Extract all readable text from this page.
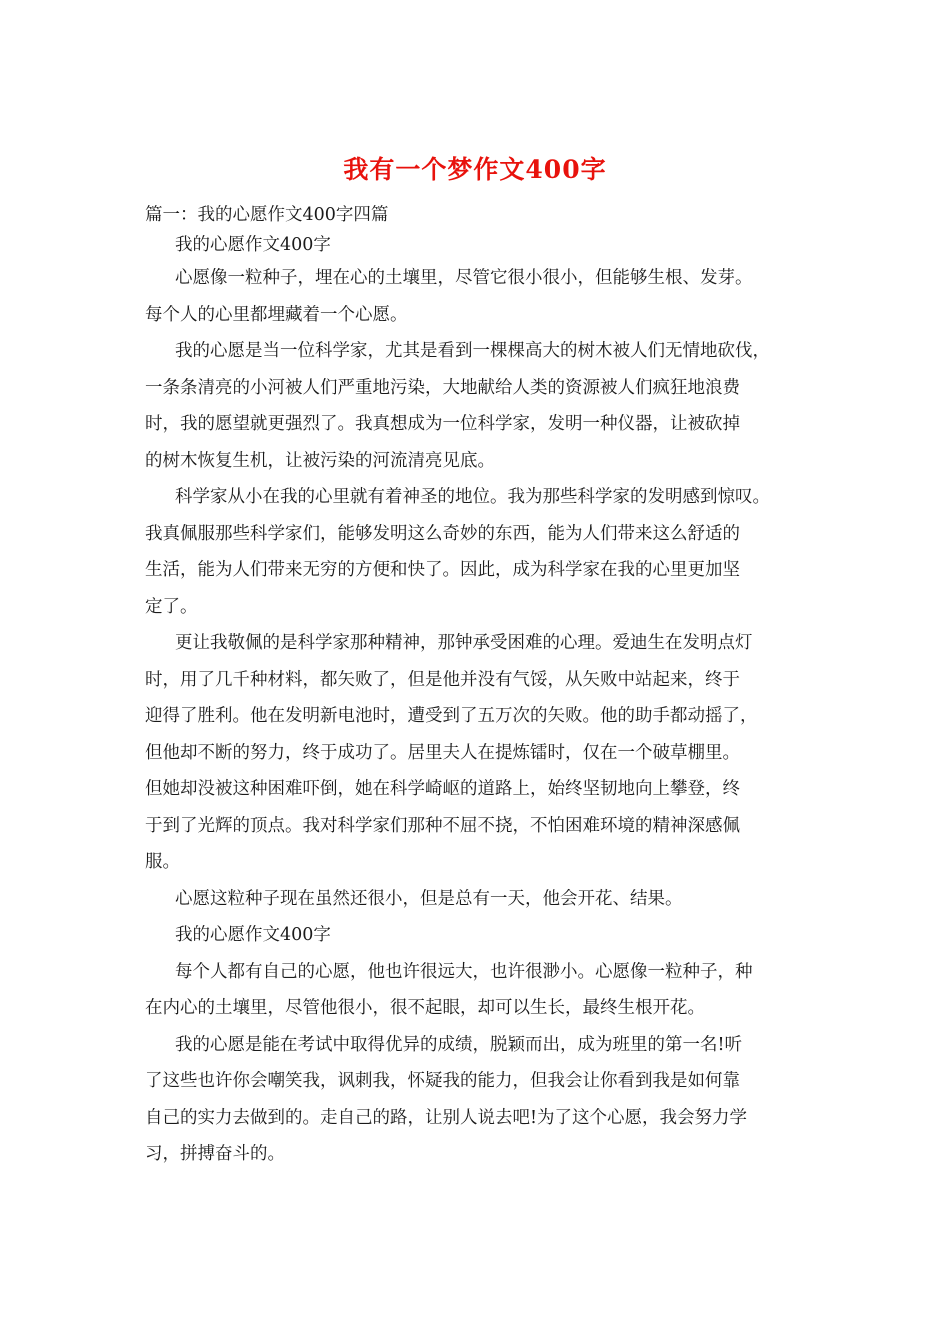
我有一个梦作文400字
篇一：我的心愿作文400字四篇
我的心愿作文400字
心愿像一粒种子，埋在心的土壤里，尽管它很小很小，但能够生根、发芽。
每个人的心里都埋藏着一个心愿。
我的心愿是当一位科学家，尤其是看到一棵棵高大的树木被人们无情地砍伐，
一条条清亮的小河被人们严重地污染，大地献给人类的资源被人们疯狂地浪费
时，我的愿望就更强烈了。我真想成为一位科学家，发明一种仪器，让被砍掉
的树木恢复生机，让被污染的河流清亮见底。
科学家从小在我的心里就有着神圣的地位。我为那些科学家的发明感到惊叹。
我真佩服那些科学家们，能够发明这么奇妙的东西，能为人们带来这么舒适的
生活，能为人们带来无穷的方便和快了。因此，成为科学家在我的心里更加坚
定了。
更让我敬佩的是科学家那种精神，那钟承受困难的心理。爱迪生在发明点灯
时，用了几千种材料，都矢败了，但是他并没有气馁，从矢败中站起来，终于
迎得了胜利。他在发明新电池时，遭受到了五万次的矢败。他的助手都动摇了，
但他却不断的努力，终于成功了。居里夫人在提炼镭时，仅在一个破草棚里。
但她却没被这种困难吓倒，她在科学崎岖的道路上，始终坚韧地向上攀登，终
于到了光辉的顶点。我对科学家们那种不屈不挠，不怕困难环境的精神深感佩
服。
心愿这粒种子现在虽然还很小，但是总有一天，他会开花、结果。
我的心愿作文400字
每个人都有自己的心愿，他也许很远大，也许很渺小。心愿像一粒种子，种
在内心的土壤里，尽管他很小，很不起眼，却可以生长，最终生根开花。
我的心愿是能在考试中取得优异的成绩，脱颖而出，成为班里的第一名!听
了这些也许你会嘲笑我，讽刺我，怀疑我的能力，但我会让你看到我是如何靠
自己的实力去做到的。走自己的路，让别人说去吧!为了这个心愿，我会努力学
习，拼搏奋斗的。
